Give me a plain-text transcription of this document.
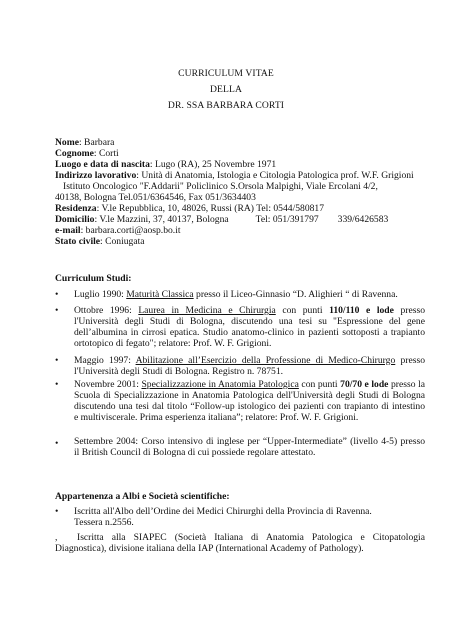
CURRICULUM VITAE
DELLA
DR. SSA BARBARA CORTI
Nome: Barbara
Cognome: Corti
Luogo e data di nascita: Lugo (RA), 25 Novembre 1971
Indirizzo lavorativo: Unità di Anatomia, Istologia e Citologia Patologica prof. W.F. Grigioni
Istituto Oncologico "F.Addarii" Policlinico S.Orsola Malpighi, Viale Ercolani 4/2,
40138, Bologna Tel.051/6364546, Fax 051/3634403
Residenza: V.le Repubblica, 10, 48026, Russi (RA) Tel: 0544/580817
Domicilio: V.le Mazzini, 37, 40137, Bologna	Tel: 051/391797 339/6426583
e-mail: barbara.corti@aosp.bo.it
Stato civile: Coniugata
Curriculum Studi:
• Luglio 1990: Maturità Classica presso il Liceo-Ginnasio “D. Alighieri “ di Ravenna.
• Ottobre 1996: Laurea in Medicina e Chirurgia con punti 110/110 e lode presso
l'Università degli Studi di Bologna, discutendo una tesi su "Espressione del gene
dell’albumina in cirrosi epatica. Studio anatomo-clinico in pazienti sottoposti a trapianto
ortotopico di fegato"; relatore: Prof. W. F. Grigioni.
• Maggio 1997: Abilitazione all’Esercizio della Professione di Medico-Chirurgo presso
l'Università degli Studi di Bologna. Registro n. 78751.
• Novembre 2001: Specializzazione in Anatomia Patologica con punti 70/70 e lode presso la
Scuola di Specializzazione in Anatomia Patologica dell'Università degli Studi di Bologna
discutendo una tesi dal titolo “Follow-up istologico dei pazienti con trapianto di intestino
e multiviscerale. Prima esperienza italiana”; relatore: Prof. W. F. Grigioni.
• Settembre 2004: Corso intensivo di inglese per “Upper-Intermediate” (livello 4-5) presso
il British Council di Bologna di cui possiede regolare attestato.
Appartenenza a Albi e Società scientifiche:
• Iscritta all'Albo dell’Ordine dei Medici Chirurghi della Provincia di Ravenna.
Tessera n.2556.
, Iscritta alla SIAPEC (Società Italiana di Anatomia Patologica e Citopatologia
Diagnostica), divisione italiana della IAP (International Academy of Pathology).
